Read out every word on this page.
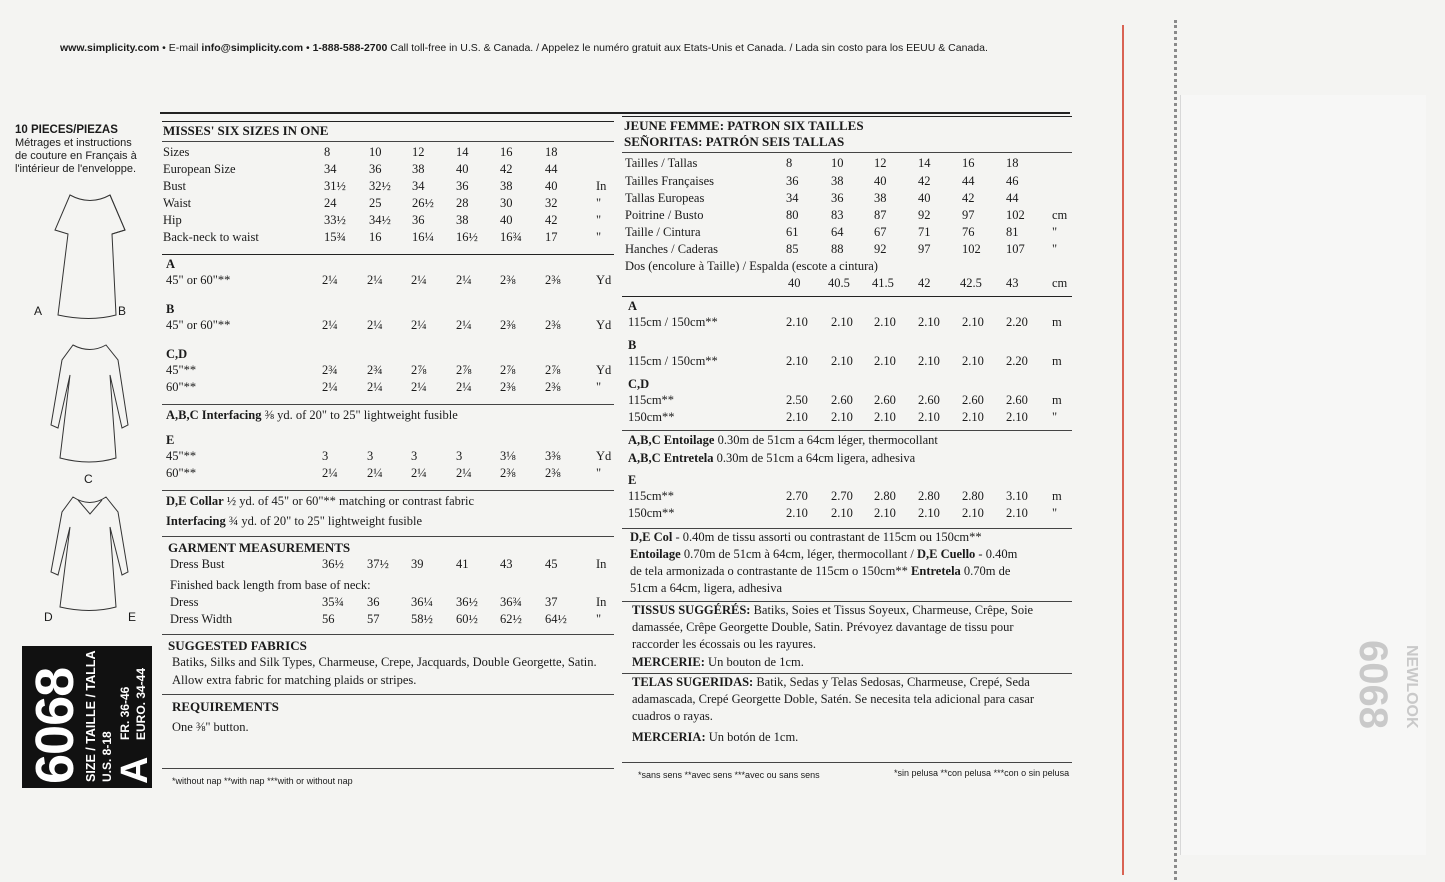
6068 NEWLOOK
www.simplicity.com • E-mail info@simplicity.com • 1-888-588-2700 Call toll-free in U.S. & Canada. / Appelez le numéro gratuit aux Etats-Unis et Canada. / Lada sin costo para los EEUU & Canada.
10 PIECES/PIEZAS
Métrages et instructions
de couture en Français à
l'intérieur de l'enveloppe.
A	B
C
D	E
6068 SIZE / TAILLE / TALLA U.S. 8-18 A
FR. 36-46 EURO. 34-44
MISSES' SIX SIZES IN ONE
Sizes	8	10 12	14	16	18
European Size	34	36 38	40	42	44
Bust	31½ 32½ 34	36	38	40	In
Waist	24	25 26½ 28	30	32	"
Hip	33½ 34½ 36	38	40	42	"
Back-neck to waist	15¾ 16 16¼ 16½ 16¾ 17	"
A
45" or 60"**	2¼ 2¼ 2¼ 2¼ 2⅜ 2⅜	Yd
B
45" or 60"**	2¼ 2¼ 2¼ 2¼ 2⅜ 2⅜	Yd
C,D
45"**	2¾ 2¾ 2⅞ 2⅞ 2⅞ 2⅞	Yd
60"**	2¼ 2¼ 2¼ 2¼ 2⅜ 2⅜	"
E
45"**	3	3	3	3	3⅛ 3⅜	Yd
60"**	2¼ 2¼ 2¼ 2¼ 2⅜ 2⅜	"
A,B,C Interfacing ⅜ yd. of 20" to 25" lightweight fusible
D,E Collar ½ yd. of 45" or 60"** matching or contrast fabric
Interfacing ¾ yd. of 20" to 25" lightweight fusible
GARMENT MEASUREMENTS
Dress Bust	36½ 37½ 39	41	43	45	In
Finished back length from base of neck:
Dress	35¾ 36	36¼ 36½ 36¾ 37	In
Dress Width	56	57	58½ 60½ 62½ 64½ "
SUGGESTED FABRICS
Batiks, Silks and Silk Types, Charmeuse, Crepe, Jacquards, Double Georgette, Satin.
Allow extra fabric for matching plaids or stripes.
REQUIREMENTS
One ⅜" button.
*without nap **with nap ***with or without nap
JEUNE FEMME: PATRON SIX TAILLES
SEÑORITAS: PATRÓN SEIS TALLAS
Tailles / Tallas	8	10 12	14	16	18
Tailles Françaises	36	38 40	42	44	46
Tallas Europeas	34	36 38	40	42	44
Poitrine / Busto	80	83 87	92	97	102 cm
Taille / Cintura	61	64 67	71	76	81	"
Hanches / Caderas	85	88 92	97	102 107 "
Dos (encolure à Taille) / Espalda (escote a cintura)
40 40.5 41.5 42 42.5 43	cm
A
115cm / 150cm**	2.10 2.10 2.10 2.10 2.10 2.20 m
B
115cm / 150cm**	2.10 2.10 2.10 2.10 2.10 2.20 m
C,D
115cm**	2.50 2.60 2.60 2.60 2.60 2.60 m
150cm**	2.10 2.10 2.10 2.10 2.10 2.10 "
E
115cm**	2.70 2.70 2.80 2.80 2.80 3.10 m
150cm**	2.10 2.10 2.10 2.10 2.10 2.10 "
A,B,C Entoilage 0.30m de 51cm a 64cm léger, thermocollant
A,B,C Entretela 0.30m de 51cm a 64cm ligera, adhesiva
D,E Col - 0.40m de tissu assorti ou contrastant de 115cm ou 150cm**
Entoilage 0.70m de 51cm à 64cm, léger, thermocollant / D,E Cuello - 0.40m
de tela armonizada o contrastante de 115cm o 150cm** Entretela 0.70m de
51cm a 64cm, ligera, adhesiva
TISSUS SUGGÉRÉS: Batiks, Soies et Tissus Soyeux, Charmeuse, Crêpe, Soie
damassée, Crêpe Georgette Double, Satin. Prévoyez davantage de tissu pour
raccorder les écossais ou les rayures.
MERCERIE: Un bouton de 1cm.
TELAS SUGERIDAS: Batik, Sedas y Telas Sedosas, Charmeuse, Crepé, Seda
adamascada, Crepé Georgette Doble, Satén. Se necesita tela adicional para casar
cuadros o rayas.
MERCERIA: Un botón de 1cm.
*sans sens **avec sens ***avec ou sans sens	*sin pelusa **con pelusa ***con o sin pelusa
